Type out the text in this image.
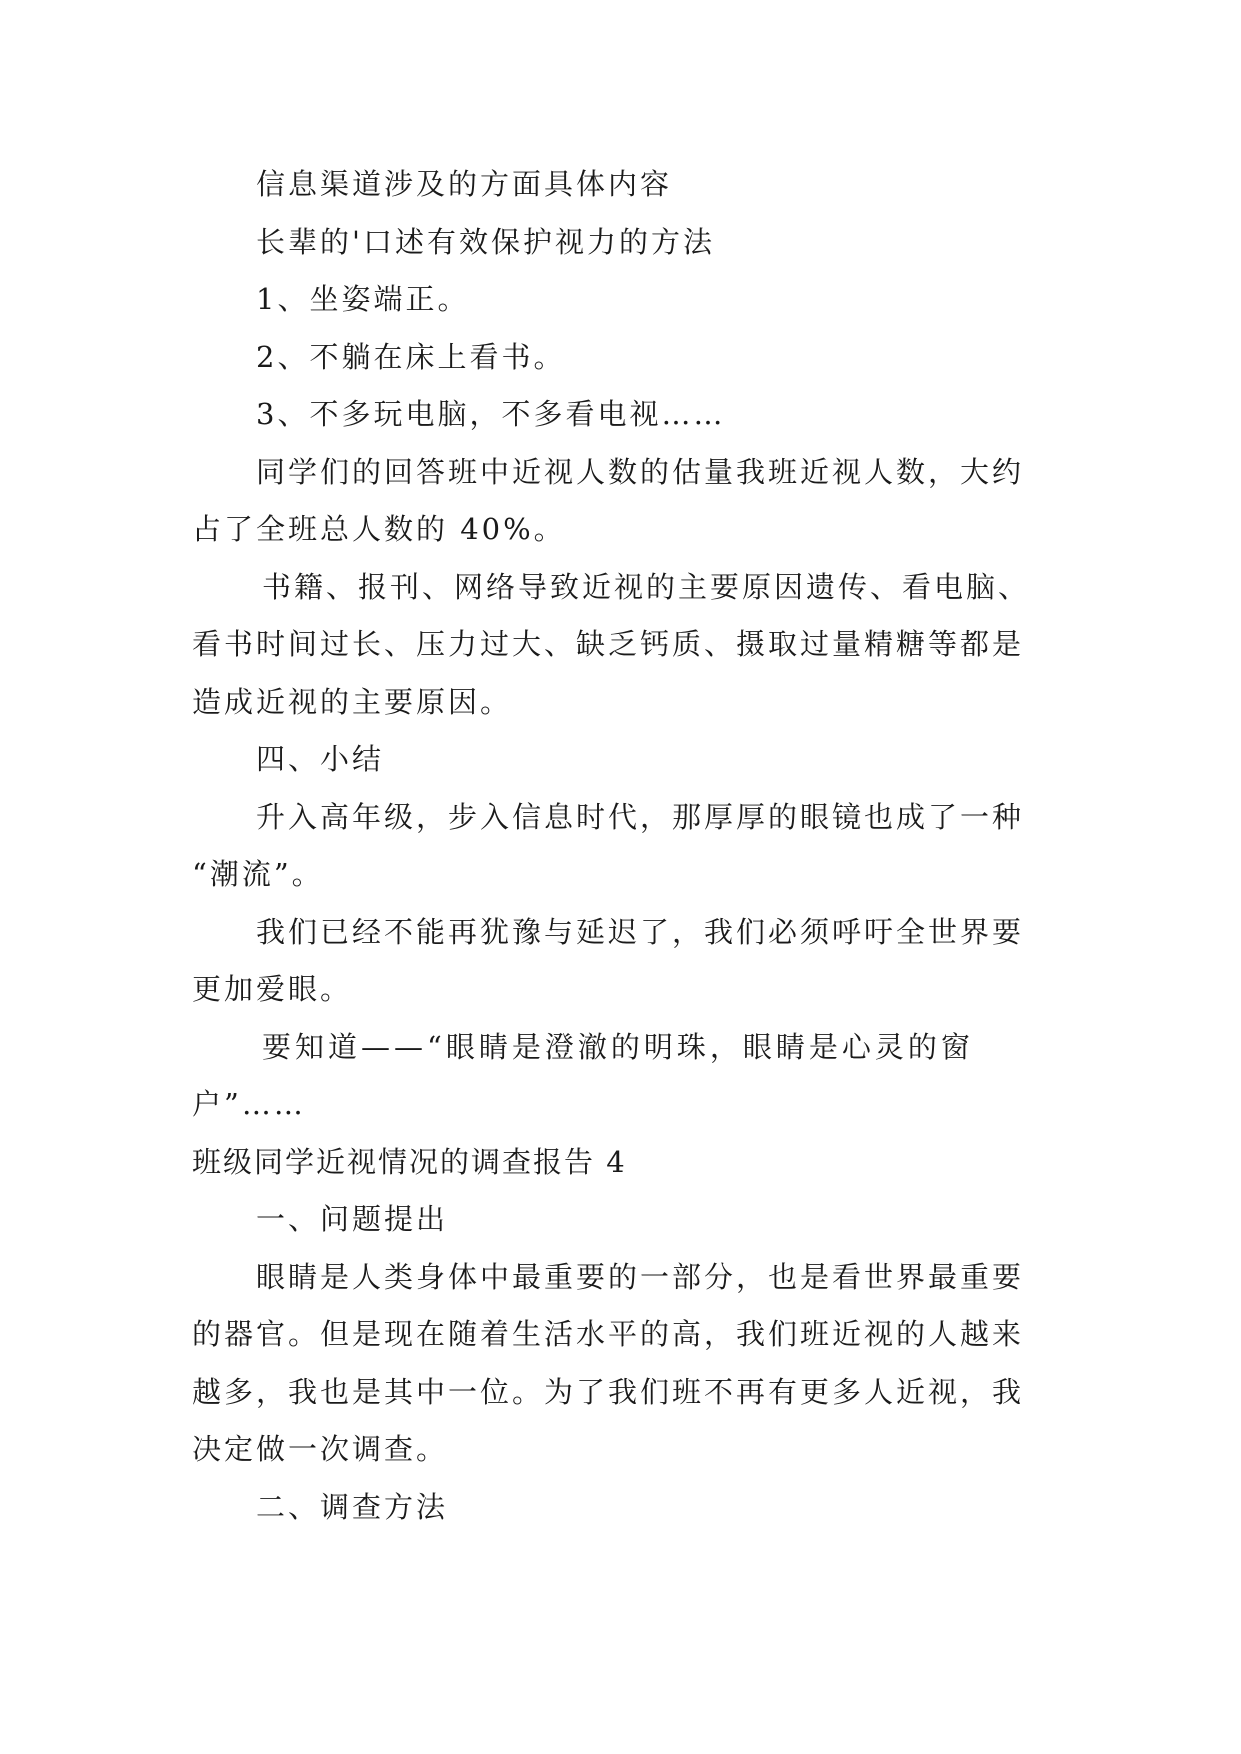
信息渠道涉及的方面具体内容
长辈的'口述有效保护视力的方法
1、坐姿端正。
2、不躺在床上看书。
3、不多玩电脑，不多看电视……
同学们的回答班中近视人数的估量我班近视人数，大约
占了全班总人数的 40%。
书籍、报刊、网络导致近视的主要原因遗传、看电脑、
看书时间过长、压力过大、缺乏钙质、摄取过量精糖等都是
造成近视的主要原因。
四、小结
升入高年级，步入信息时代，那厚厚的眼镜也成了一种
“潮流”。
我们已经不能再犹豫与延迟了，我们必须呼吁全世界要
更加爱眼。
要知道——“眼睛是澄澈的明珠，眼睛是心灵的窗
户”……
班级同学近视情况的调查报告 4
一、问题提出
眼睛是人类身体中最重要的一部分，也是看世界最重要
的器官。但是现在随着生活水平的高，我们班近视的人越来
越多，我也是其中一位。为了我们班不再有更多人近视，我
决定做一次调查。
二、调查方法
